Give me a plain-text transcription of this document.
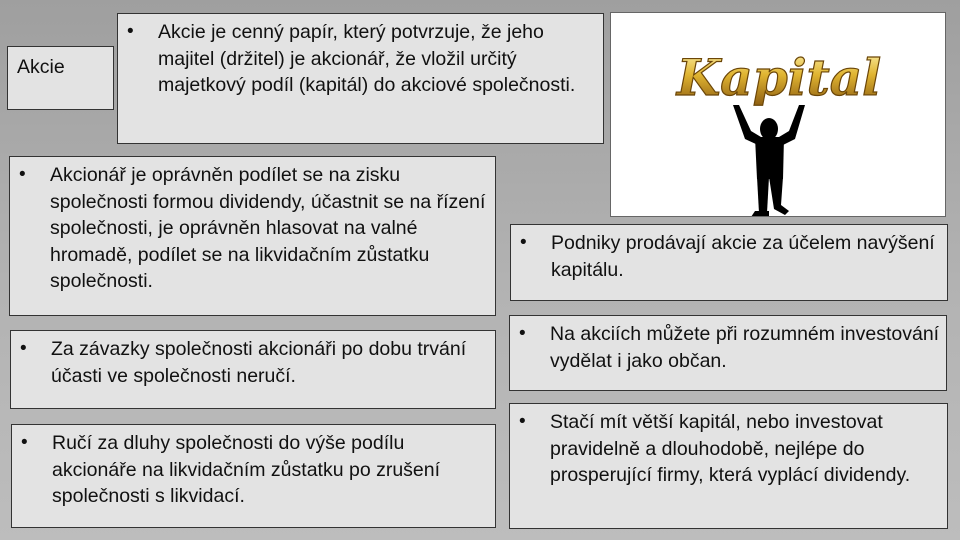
Akcie
• Akcie je cenný papír, který potvrzuje, že jeho majitel (držitel) je akcionář, že vložil určitý majetkový podíl (kapitál) do akciové společnosti.
• Akcionář je oprávněn podílet se na zisku společnosti formou dividendy, účastnit se na řízení společnosti, je oprávněn hlasovat na valné hromadě, podílet se na likvidačním zůstatku společnosti.
• Za závazky společnosti akcionáři po dobu trvání účasti ve společnosti neručí.
• Ručí za dluhy společnosti do výše podílu akcionáře na likvidačním zůstatku po zrušení společnosti s likvidací.
• Podniky prodávají akcie za účelem navýšení kapitálu.
• Na akciích můžete při rozumném investování vydělat i jako občan.
• Stačí mít větší kapitál, nebo investovat pravidelně a dlouhodobě, nejlépe do prosperující firmy, která vyplácí dividendy.
Kapital
